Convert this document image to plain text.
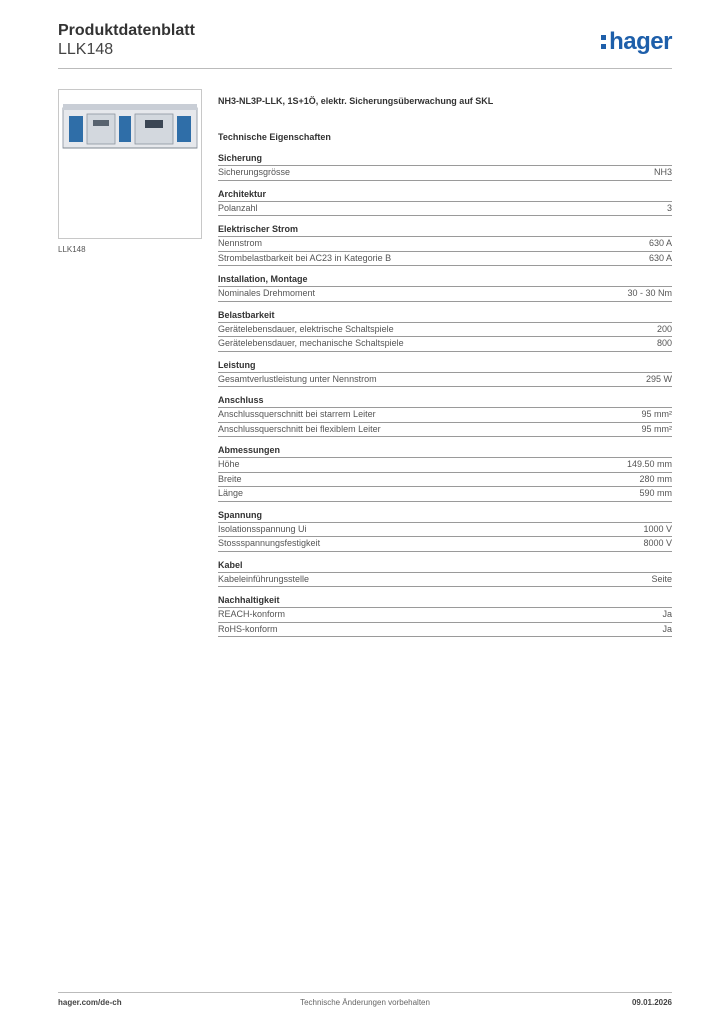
Produktdatenblatt
LLK148	hager
LLK148
NH3-NL3P-LLK, 1S+1Ö, elektr. Sicherungsüberwachung auf SKL
Technische Eigenschaften
Sicherung
Sicherungsgrösse	NH3
Architektur
Polanzahl	3
Elektrischer Strom
Nennstrom	630 A
Strombelastbarkeit bei AC23 in Kategorie B	630 A
Installation, Montage
Nominales Drehmoment	30 - 30 Nm
Belastbarkeit
Gerätelebensdauer, elektrische Schaltspiele	200
Gerätelebensdauer, mechanische Schaltspiele	800
Leistung
Gesamtverlustleistung unter Nennstrom	295 W
Anschluss
Anschlussquerschnitt bei starrem Leiter	95 mm²
Anschlussquerschnitt bei flexiblem Leiter	95 mm²
Abmessungen
Höhe	149.50 mm
Breite	280 mm
Länge	590 mm
Spannung
Isolationsspannung Ui	1000 V
Stossspannungsfestigkeit	8000 V
Kabel
Kabeleinführungsstelle	Seite
Nachhaltigkeit
REACH-konform	Ja
RoHS-konform	Ja
hager.com/de-ch	Technische Änderungen vorbehalten	09.01.2026
